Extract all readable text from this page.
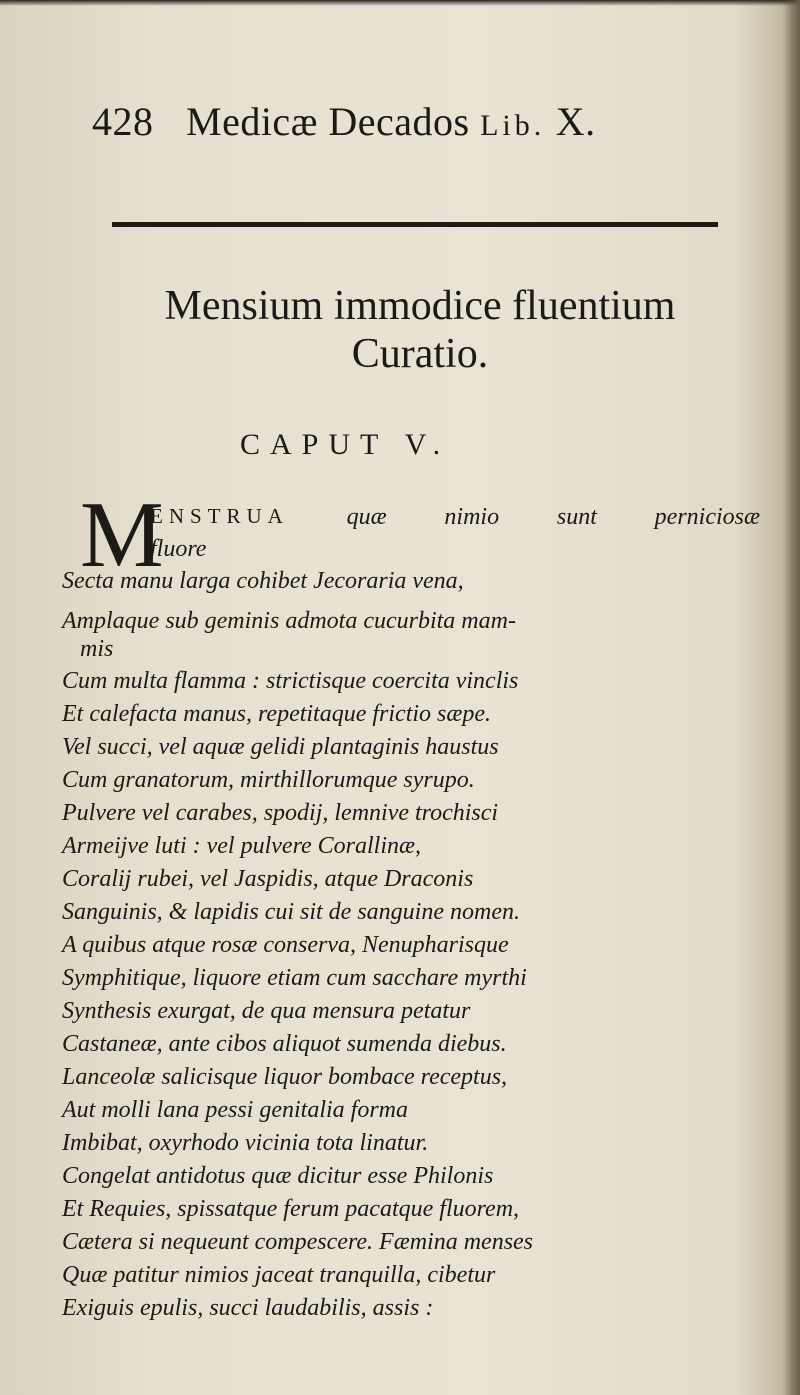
428 Medicæ Decados Lib. X.
Mensium immodice fluentium
Curatio.
CAPUT V.
M
ENSTRUA quæ nimio sunt perniciosæ
fluore
Secta manu larga cohibet Jecoraria vena,
Amplaque sub geminis admota cucurbita mam-
mis
Cum multa flamma : strictisque coercita vinclis
Et calefacta manus, repetitaque frictio sæpe.
Vel succi, vel aquæ gelidi plantaginis haustus
Cum granatorum, mirthillorumque syrupo.
Pulvere vel carabes, spodij, lemnive trochisci
Armeijve luti : vel pulvere Corallinæ,
Coralij rubei, vel Jaspidis, atque Draconis
Sanguinis, & lapidis cui sit de sanguine nomen.
A quibus atque rosæ conserva, Nenupharisque
Symphitique, liquore etiam cum sacchare myrthi
Synthesis exurgat, de qua mensura petatur
Castaneæ, ante cibos aliquot sumenda diebus.
Lanceolæ salicisque liquor bombace receptus,
Aut molli lana pessi genitalia forma
Imbibat, oxyrhodo vicinia tota linatur.
Congelat antidotus quæ dicitur esse Philonis
Et Requies, spissatque ferum pacatque fluorem,
Cætera si nequeunt compescere. Fæmina menses
Quæ patitur nimios jaceat tranquilla, cibetur
Exiguis epulis, succi laudabilis, assis :
